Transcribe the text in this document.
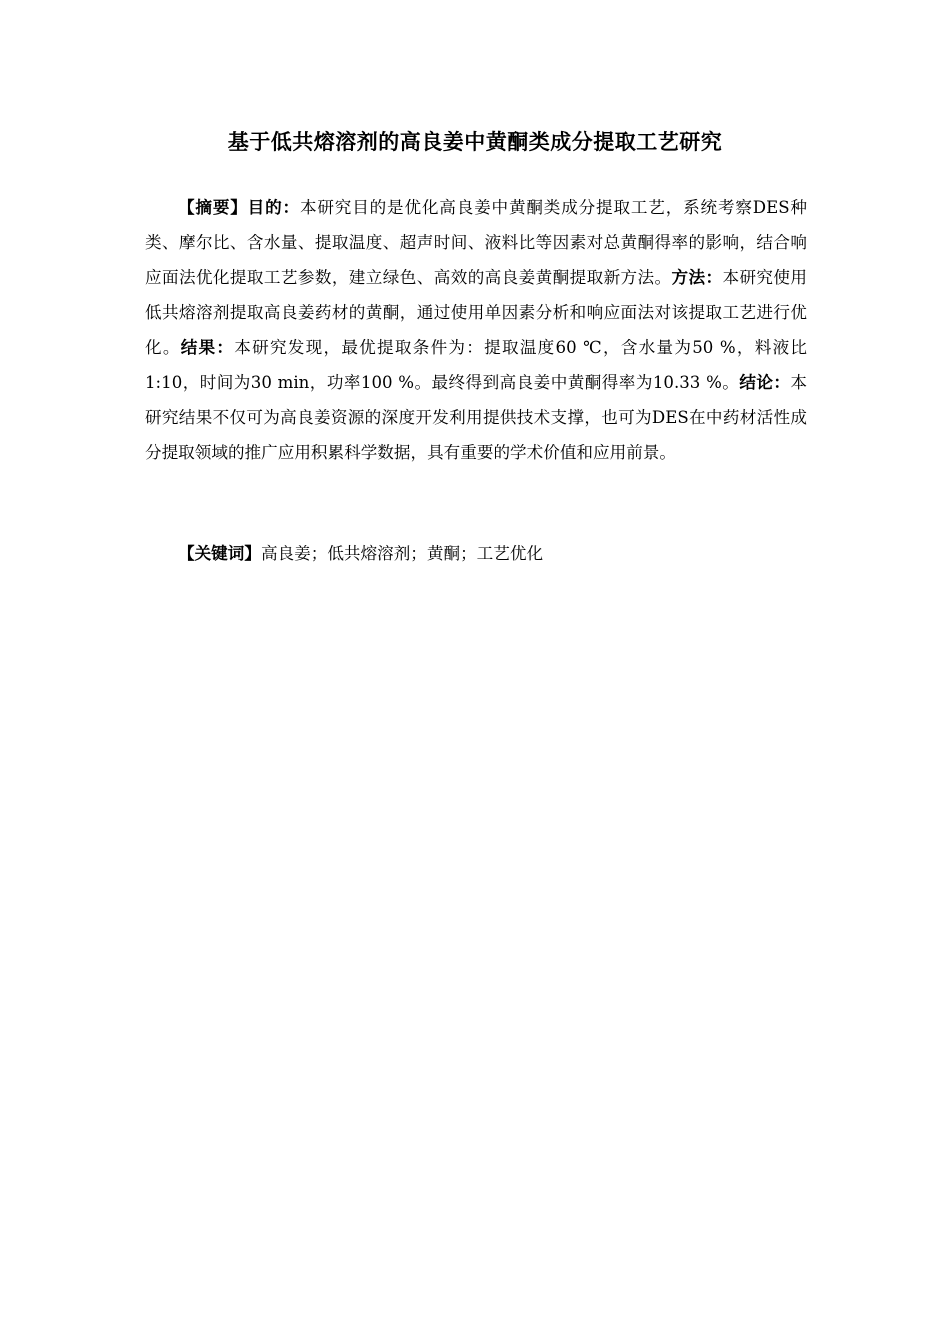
基于低共熔溶剂的高良姜中黄酮类成分提取工艺研究

【摘要】目的：本研究目的是优化高良姜中黄酮类成分提取工艺，系统考察DES种类、摩尔比、含水量、提取温度、超声时间、液料比等因素对总黄酮得率的影响，结合响应面法优化提取工艺参数，建立绿色、高效的高良姜黄酮提取新方法。方法：本研究使用低共熔溶剂提取高良姜药材的黄酮，通过使用单因素分析和响应面法对该提取工艺进行优化。结果：本研究发现，最优提取条件为：提取温度60 ℃，含水量为50 %，料液比1:10，时间为30 min，功率100 %。最终得到高良姜中黄酮得率为10.33 %。结论：本研究结果不仅可为高良姜资源的深度开发利用提供技术支撑，也可为DES在中药材活性成分提取领域的推广应用积累科学数据，具有重要的学术价值和应用前景。

【关键词】高良姜；低共熔溶剂；黄酮；工艺优化
